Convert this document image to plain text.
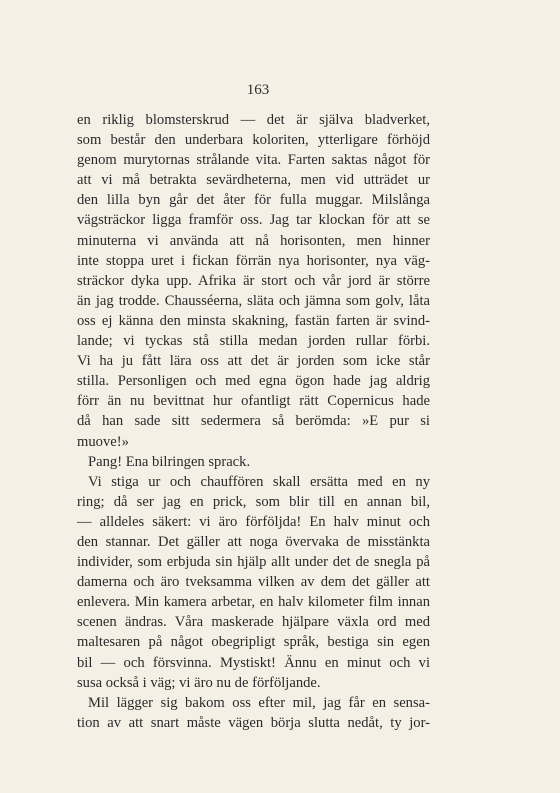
163
en riklig blomsterskrud — det är själva bladverket,
som består den underbara koloriten, ytterligare förhöjd
genom murytornas strålande vita. Farten saktas något för
att vi må betrakta sevärdheterna, men vid utträdet ur
den lilla byn går det åter för fulla muggar. Milslånga
vägsträckor ligga framför oss. Jag tar klockan för att se
minuterna vi använda att nå horisonten, men hinner
inte stoppa uret i fickan förrän nya horisonter, nya väg-
sträckor dyka upp. Afrika är stort och vår jord är större
än jag trodde. Chausséerna, släta och jämna som golv, låta
oss ej känna den minsta skakning, fastän farten är svind-
lande; vi tyckas stå stilla medan jorden rullar förbi.
Vi ha ju fått lära oss att det är jorden som icke står
stilla. Personligen och med egna ögon hade jag aldrig
förr än nu bevittnat hur ofantligt rätt Copernicus hade
då han sade sitt sedermera så berömda: »E pur si
muove!»
Pang! Ena bilringen sprack.
Vi stiga ur och chauffören skall ersätta med en ny
ring; då ser jag en prick, som blir till en annan bil,
— alldeles säkert: vi äro förföljda! En halv minut och
den stannar. Det gäller att noga övervaka de misstänkta
individer, som erbjuda sin hjälp allt under det de snegla på
damerna och äro tveksamma vilken av dem det gäller att
enlevera. Min kamera arbetar, en halv kilometer film innan
scenen ändras. Våra maskerade hjälpare växla ord med
maltesaren på något obegripligt språk, bestiga sin egen
bil — och försvinna. Mystiskt! Ännu en minut och vi
susa också i väg; vi äro nu de förföljande.
Mil lägger sig bakom oss efter mil, jag får en sensa-
tion av att snart måste vägen börja slutta nedåt, ty jor-
